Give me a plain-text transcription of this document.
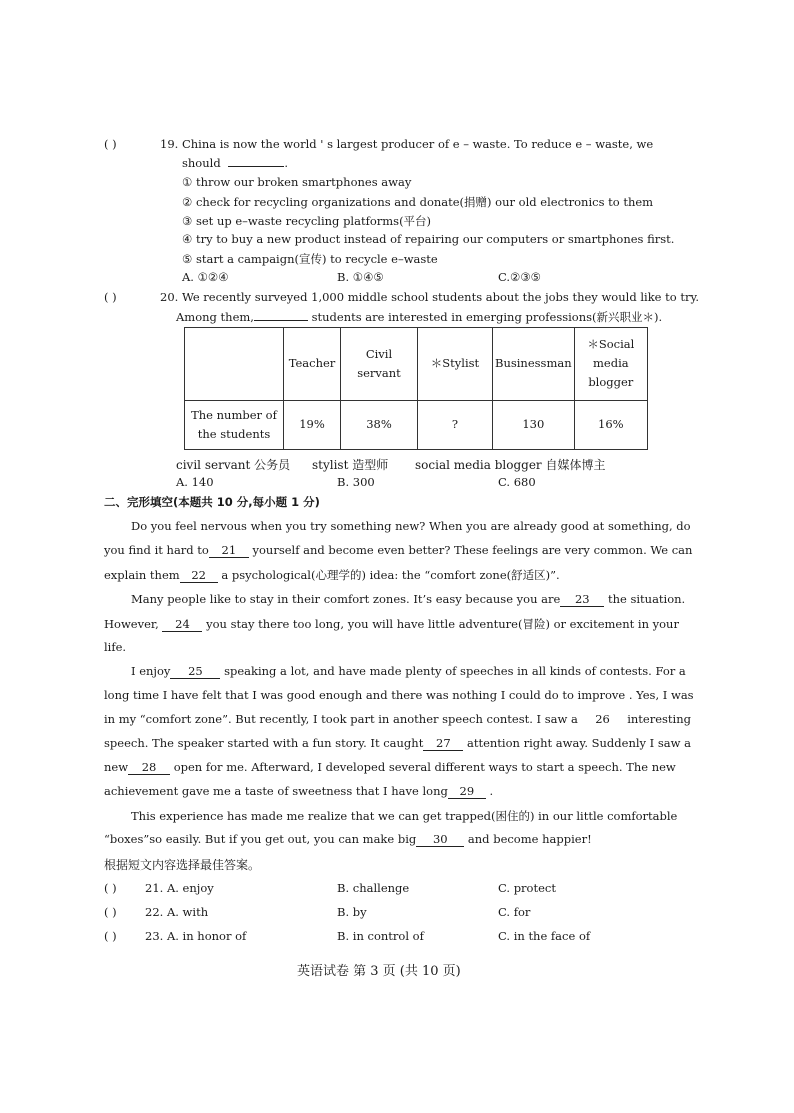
( )	19. China is now the world ' s largest producer of e – waste. To reduce e – waste, we
should	.
① throw our broken smartphones away
② check for recycling organizations and donate(捐赠) our old electronics to them
③ set up e–waste recycling platforms(平台)
④ try to buy a new product instead of repairing our computers or smartphones first.
⑤ start a campaign(宣传) to recycle e–waste
A. ①②④	B. ①④⑤	C.②③⑤
( )	20. We recently surveyed 1,000 middle school students about the jobs they would like to try.
Among them,	students are interested in emerging professions(新兴职业＊).
	Teacher	Civil servant	＊Stylist	Businessman	＊Social media blogger
The number of the students	19%	38%	?	130	16%
civil servant 公务员 stylist 造型师 social media blogger 自媒体博主
A. 140	B. 300	C. 680
二、完形填空(本题共 10 分,每小题 1 分)
Do you feel nervous when you try something new? When you are already good at something, do
you find it hard to 21 yourself and become even better? These feelings are very common. We can
explain them 22 a psychological(心理学的) idea: the “comfort zone(舒适区)”.
Many people like to stay in their comfort zones. It’s easy because you are 23 the situation.
However, 24 you stay there too long, you will have little adventure(冒险) or excitement in your
life.
I enjoy 25 speaking a lot, and have made plenty of speeches in all kinds of contests. For a
long time I have felt that I was good enough and there was nothing I could do to improve . Yes, I was
in my “comfort zone”. But recently, I took part in another speech contest. I saw a 26 interesting
speech. The speaker started with a fun story. It caught 27 attention right away. Suddenly I saw a
new 28 open for me. Afterward, I developed several different ways to start a speech. The new
achievement gave me a taste of sweetness that I have long 29 .
This experience has made me realize that we can get trapped(困住的) in our little comfortable
“boxes”so easily. But if you get out, you can make big 30 and become happier!
根据短文内容选择最佳答案。
( ) 21. A. enjoy	B. challenge	C. protect
( ) 22. A. with	B. by	C. for
( ) 23. A. in honor of	B. in control of	C. in the face of
英语试卷 第 3 页 (共 10 页)
